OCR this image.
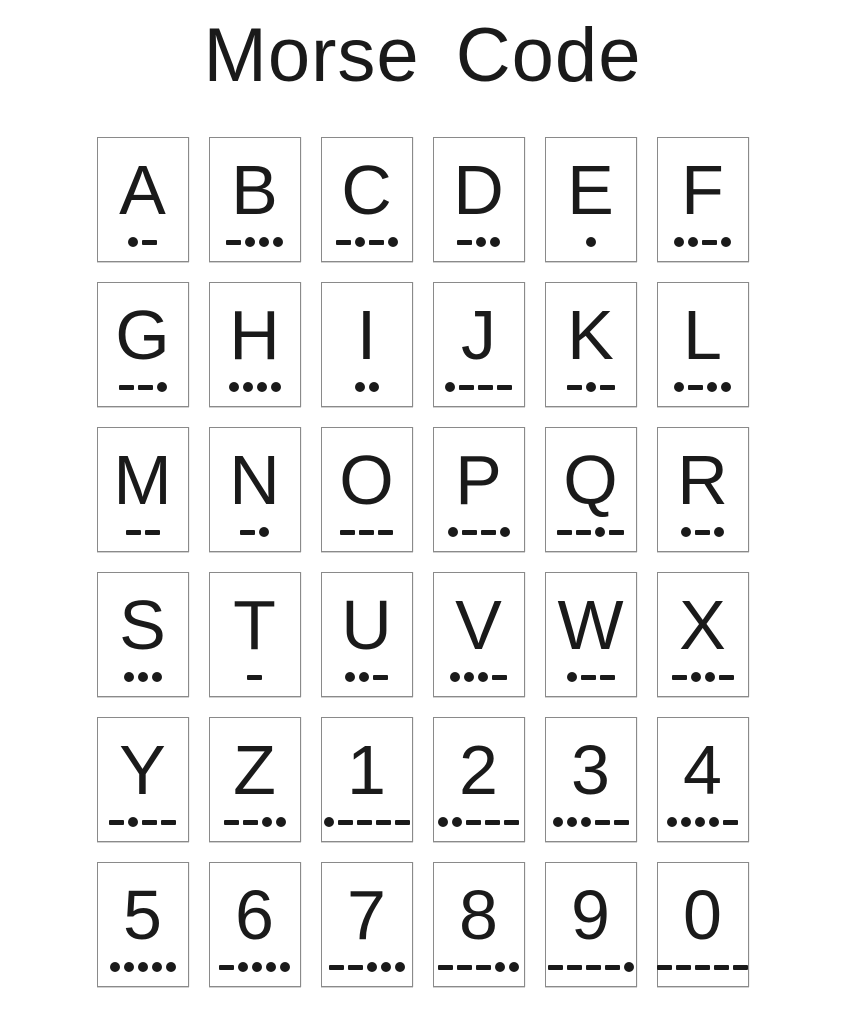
Morse Code
A B C D E F
G H I J K L
M N O P Q R
S T U V W X
Y Z 1 2 3 4
5 6 7 8 9 0
